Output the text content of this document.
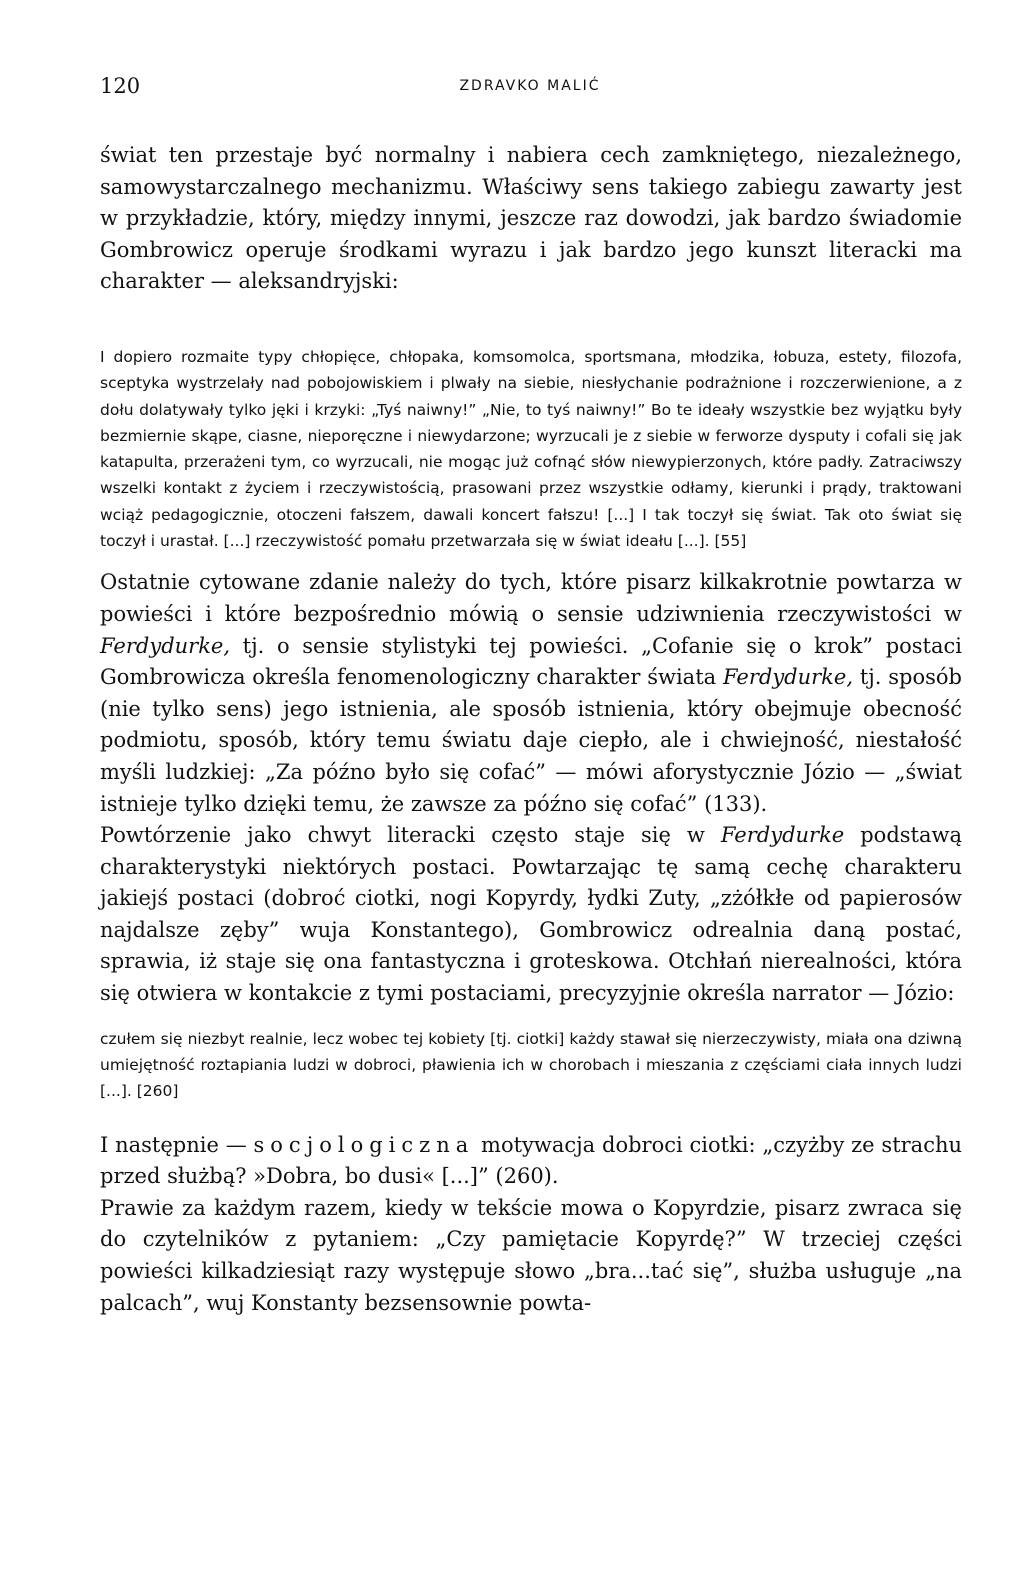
120	ZDRAVKO MALIĆ

świat ten przestaje być normalny i nabiera cech zamkniętego, niezależnego, samowystarczalnego mechanizmu. Właściwy sens takiego zabiegu zawarty jest w przykładzie, który, między innymi, jeszcze raz dowodzi, jak bardzo świadomie Gombrowicz operuje środkami wyrazu i jak bardzo jego kunszt literacki ma charakter — aleksandryjski:

I dopiero rozmaite typy chłopięce, chłopaka, komsomolca, sportsmana, młodzika, łobuza, estety, filozofa, sceptyka wystrzelały nad pobojowiskiem i plwały na siebie, niesłychanie podrażnione i rozczerwienione, a z dołu dolatywały tylko jęki i krzyki: „Tyś naiwny!” „Nie, to tyś naiwny!” Bo te ideały wszystkie bez wyjątku były bezmiernie skąpe, ciasne, nieporęczne i niewydarzone; wyrzucali je z siebie w ferworze dysputy i cofali się jak katapulta, przerażeni tym, co wyrzucali, nie mogąc już cofnąć słów niewypierzonych, które padły. Zatraciwszy wszelki kontakt z życiem i rzeczywistością, prasowani przez wszystkie odłamy, kierunki i prądy, traktowani wciąż pedagogicznie, otoczeni fałszem, dawali koncert fałszu! [...] I tak toczył się świat. Tak oto świat się toczył i urastał. [...] rzeczywistość pomału przetwarzała się w świat ideału [...]. [55]

Ostatnie cytowane zdanie należy do tych, które pisarz kilkakrotnie powtarza w powieści i które bezpośrednio mówią o sensie udziwnienia rzeczywistości w Ferdydurke, tj. o sensie stylistyki tej powieści. „Cofanie się o krok” postaci Gombrowicza określa fenomenologiczny charakter świata Ferdydurke, tj. sposób (nie tylko sens) jego istnienia, ale sposób istnienia, który obejmuje obecność podmiotu, sposób, który temu światu daje ciepło, ale i chwiejność, niestałość myśli ludzkiej: „Za późno było się cofać” — mówi aforystycznie Józio — „świat istnieje tylko dzięki temu, że zawsze za późno się cofać” (133).

Powtórzenie jako chwyt literacki często staje się w Ferdydurke podstawą charakterystyki niektórych postaci. Powtarzając tę samą cechę charakteru jakiejś postaci (dobroć ciotki, nogi Kopyrdy, łydki Zuty, „zżółkłe od papierosów najdalsze zęby” wuja Konstantego), Gombrowicz odrealnia daną postać, sprawia, iż staje się ona fantastyczna i groteskowa. Otchłań nierealności, która się otwiera w kontakcie z tymi postaciami, precyzyjnie określa narrator — Józio:

czułem się niezbyt realnie, lecz wobec tej kobiety [tj. ciotki] każdy stawał się nierzeczywisty, miała ona dziwną umiejętność roztapiania ludzi w dobroci, pławienia ich w chorobach i mieszania z częściami ciała innych ludzi [...]. [260]

I następnie — socjologiczna motywacja dobroci ciotki: „czyżby ze strachu przed służbą? »Dobra, bo dusi« [...]” (260).

Prawie za każdym razem, kiedy w tekście mowa o Kopyrdzie, pisarz zwraca się do czytelników z pytaniem: „Czy pamiętacie Kopyrdę?” W trzeciej części powieści kilkadziesiąt razy występuje słowo „bra...tać się”, służba usługuje „na palcach”, wuj Konstanty bezsensownie powta-
